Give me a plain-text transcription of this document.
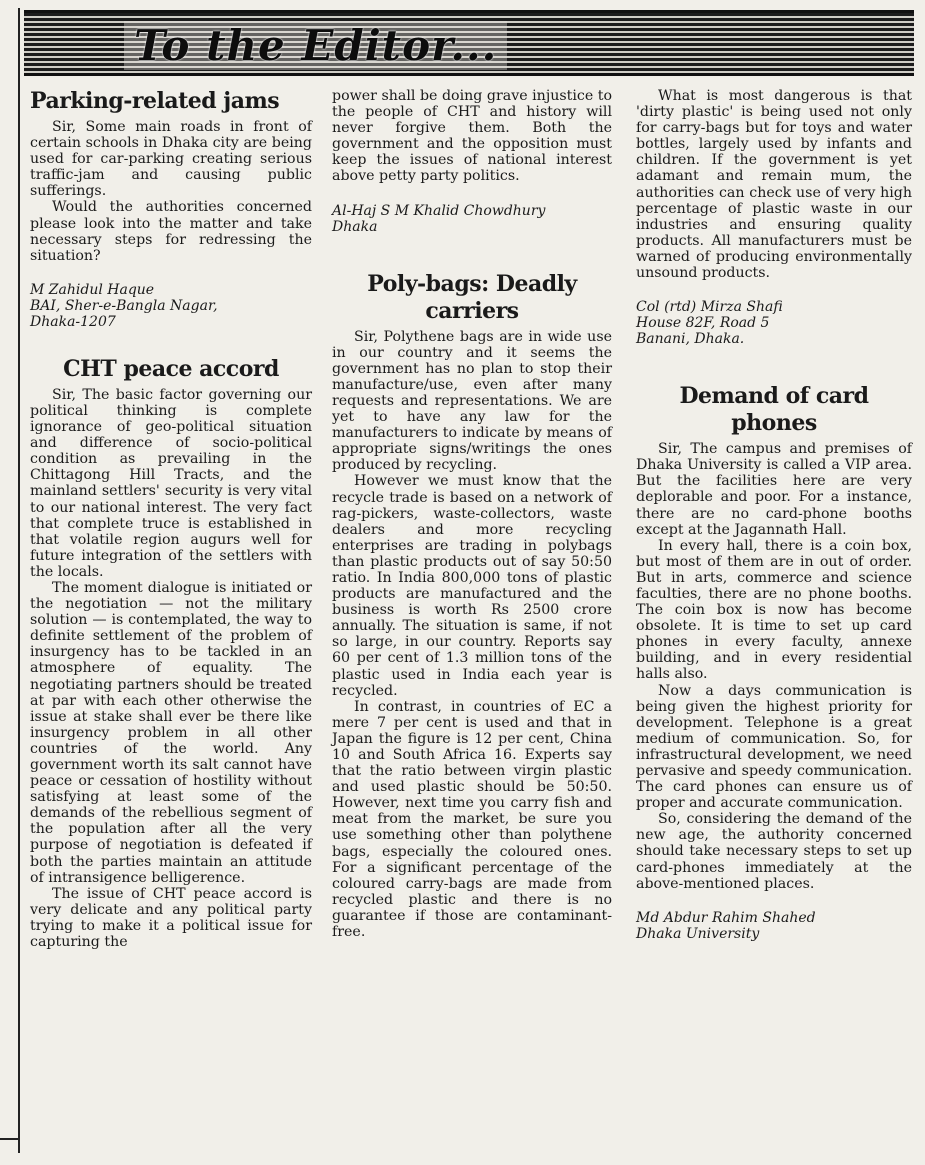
To the Editor...
Parking-related jams

Sir, Some main roads in front of certain schools in Dhaka city are being used for car-parking creating serious traffic-jam and causing public sufferings.

Would the authorities concerned please look into the matter and take necessary steps for redressing the situation?

M Zahidul Haque
BAI, Sher-e-Bangla Nagar,
Dhaka-1207
CHT peace accord

Sir, The basic factor governing our political thinking is complete ignorance of geo-political situation and difference of socio-political condition as prevailing in the Chittagong Hill Tracts, and the mainland settlers' security is very vital to our national interest. The very fact that complete truce is established in that volatile region augurs well for future integration of the settlers with the locals.

The moment dialogue is initiated or the negotiation — not the military solution — is contemplated, the way to definite settlement of the problem of insurgency has to be tackled in an atmosphere of equality. The negotiating partners should be treated at par with each other otherwise the issue at stake shall ever be there like insurgency problem in all other countries of the world. Any government worth its salt cannot have peace or cessation of hostility without satisfying at least some of the demands of the rebellious segment of the population after all the very purpose of negotiation is defeated if both the parties maintain an attitude of intransigence belligerence.

The issue of CHT peace accord is very delicate and any political party trying to make it a political issue for capturing the

power shall be doing grave injustice to the people of CHT and history will never forgive them. Both the government and the opposition must keep the issues of national interest above petty party politics.

Al-Haj S M Khalid Chowdhury
Dhaka
Poly-bags: Deadly carriers

Sir, Polythene bags are in wide use in our country and it seems the government has no plan to stop their manufacture/use, even after many requests and representations. We are yet to have any law for the manufacturers to indicate by means of appropriate signs/writings the ones produced by recycling.

However we must know that the recycle trade is based on a network of rag-pickers, waste-collectors, waste dealers and more recycling enterprises are trading in polybags than plastic products out of say 50:50 ratio. In India 800,000 tons of plastic products are manufactured and the business is worth Rs 2500 crore annually. The situation is same, if not so large, in our country. Reports say 60 per cent of 1.3 million tons of the plastic used in India each year is recycled.

In contrast, in countries of EC a mere 7 per cent is used and that in Japan the figure is 12 per cent, China 10 and South Africa 16. Experts say that the ratio between virgin plastic and used plastic should be 50:50. However, next time you carry fish and meat from the market, be sure you use something other than polythene bags, especially the coloured ones. For a significant percentage of the coloured carry-bags are made from recycled plastic and there is no guarantee if those are contaminant-free.

What is most dangerous is that 'dirty plastic' is being used not only for carry-bags but for toys and water bottles, largely used by infants and children. If the government is yet adamant and remain mum, the authorities can check use of very high percentage of plastic waste in our industries and ensuring quality products. All manufacturers must be warned of producing environmentally unsound products.

Col (rtd) Mirza Shafi
House 82F, Road 5
Banani, Dhaka.
Demand of card phones

Sir, The campus and premises of Dhaka University is called a VIP area. But the facilities here are very deplorable and poor. For a instance, there are no card-phone booths except at the Jagannath Hall.

In every hall, there is a coin box, but most of them are in out of order. But in arts, commerce and science faculties, there are no phone booths. The coin box is now has become obsolete. It is time to set up card phones in every faculty, annexe building, and in every residential halls also.

Now a days communication is being given the highest priority for development. Telephone is a great medium of communication. So, for infrastructural development, we need pervasive and speedy communication. The card phones can ensure us of proper and accurate communication.

So, considering the demand of the new age, the authority concerned should take necessary steps to set up card-phones immediately at the above-mentioned places.

Md Abdur Rahim Shahed
Dhaka University
